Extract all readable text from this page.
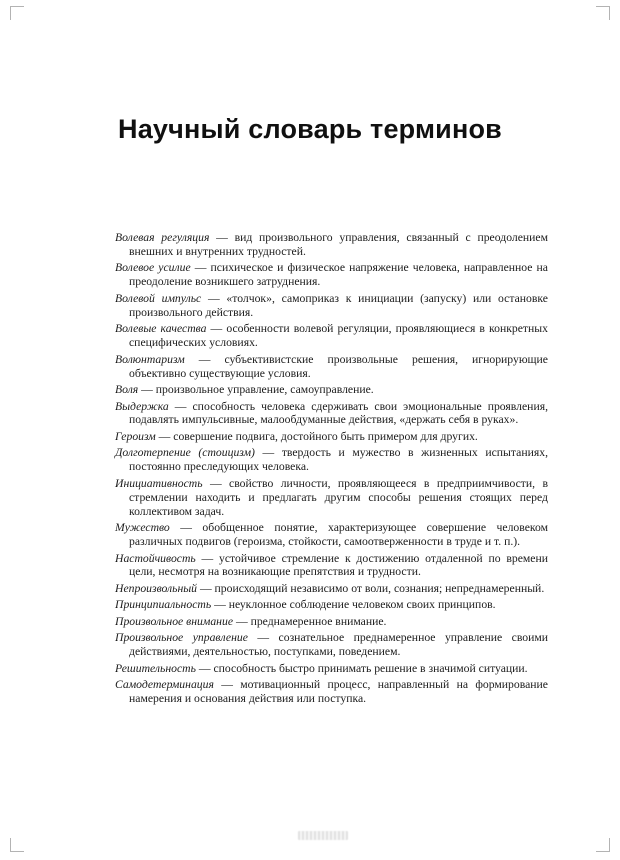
Научный словарь терминов

Волевая регуляция — вид произвольного управления, связанный с преодолением внешних и внутренних трудностей.

Волевое усилие — психическое и физическое напряжение человека, направленное на преодоление возникшего затруднения.

Волевой импульс — «толчок», самоприказ к инициации (запуску) или остановке произвольного действия.

Волевые качества — особенности волевой регуляции, проявляющиеся в конкретных специфических условиях.

Волюнтаризм — субъективистские произвольные решения, игнорирующие объективно существующие условия.

Воля — произвольное управление, самоуправление.

Выдержка — способность человека сдерживать свои эмоциональные проявления, подавлять импульсивные, малообдуманные действия, «держать себя в руках».

Героизм — совершение подвига, достойного быть примером для других.

Долготерпение (стоицизм) — твердость и мужество в жизненных испытаниях, постоянно преследующих человека.

Инициативность — свойство личности, проявляющееся в предприимчивости, в стремлении находить и предлагать другим способы решения стоящих перед коллективом задач.

Мужество — обобщенное понятие, характеризующее совершение человеком различных подвигов (героизма, стойкости, самоотверженности в труде и т. п.).

Настойчивость — устойчивое стремление к достижению отдаленной по времени цели, несмотря на возникающие препятствия и трудности.

Непроизвольный — происходящий независимо от воли, сознания; непреднамеренный.

Принципиальность — неуклонное соблюдение человеком своих принципов.

Произвольное внимание — преднамеренное внимание.

Произвольное управление — сознательное преднамеренное управление своими действиями, деятельностью, поступками, поведением.

Решительность — способность быстро принимать решение в значимой ситуации.

Самодетерминация — мотивационный процесс, направленный на формирование намерения и основания действия или поступка.
